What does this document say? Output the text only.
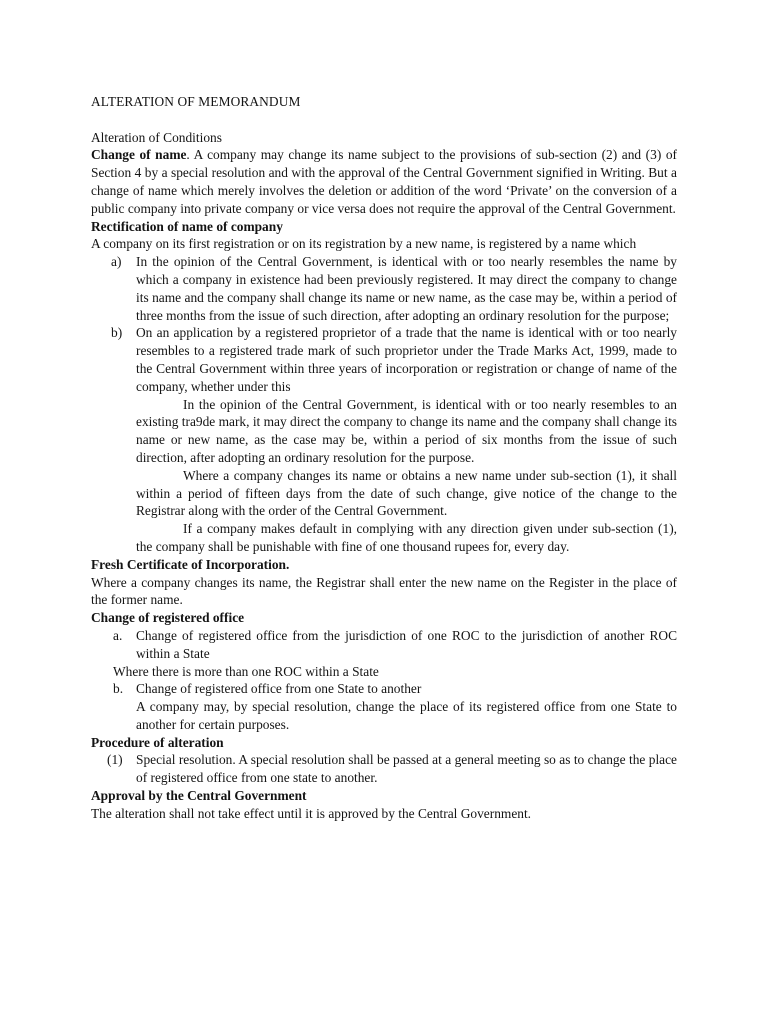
ALTERATION OF MEMORANDUM

Alteration of Conditions

Change of name. A company may change its name subject to the provisions of sub-section (2) and (3) of Section 4 by a special resolution and with the approval of the Central Government signified in Writing. But a change of name which merely involves the deletion or addition of the word ‘Private’ on the conversion of a public company into private company or vice versa does not require the approval of the Central Government.

Rectification of name of company

A company on its first registration or on its registration by a new name, is registered by a name which

a) In the opinion of the Central Government, is identical with or too nearly resembles the name by which a company in existence had been previously registered. It may direct the company to change its name and the company shall change its name or new name, as the case may be, within a period of three months from the issue of such direction, after adopting an ordinary resolution for the purpose;
b) On an application by a registered proprietor of a trade that the name is identical with or too nearly resembles to a registered trade mark of such proprietor under the Trade Marks Act, 1999, made to the Central Government within three years of incorporation or registration or change of name of the company, whether under this

In the opinion of the Central Government, is identical with or too nearly resembles to an existing tra9de mark, it may direct the company to change its name and the company shall change its name or new name, as the case may be, within a period of six months from the issue of such direction, after adopting an ordinary resolution for the purpose.

Where a company changes its name or obtains a new name under sub-section (1), it shall within a period of fifteen days from the date of such change, give notice of the change to the Registrar along with the order of the Central Government.

If a company makes default in complying with any direction given under sub-section (1), the company shall be punishable with fine of one thousand rupees for, every day.

Fresh Certificate of Incorporation.

Where a company changes its name, the Registrar shall enter the new name on the Register in the place of the former name.

Change of registered office

a. Change of registered office from the jurisdiction of one ROC to the jurisdiction of another ROC within a State

Where there is more than one ROC within a State

b. Change of registered office from one State to another

A company may, by special resolution, change the place of its registered office from one State to another for certain purposes.

Procedure of alteration

(1) Special resolution. A special resolution shall be passed at a general meeting so as to change the place of registered office from one state to another.

Approval by the Central Government

The alteration shall not take effect until it is approved by the Central Government.
